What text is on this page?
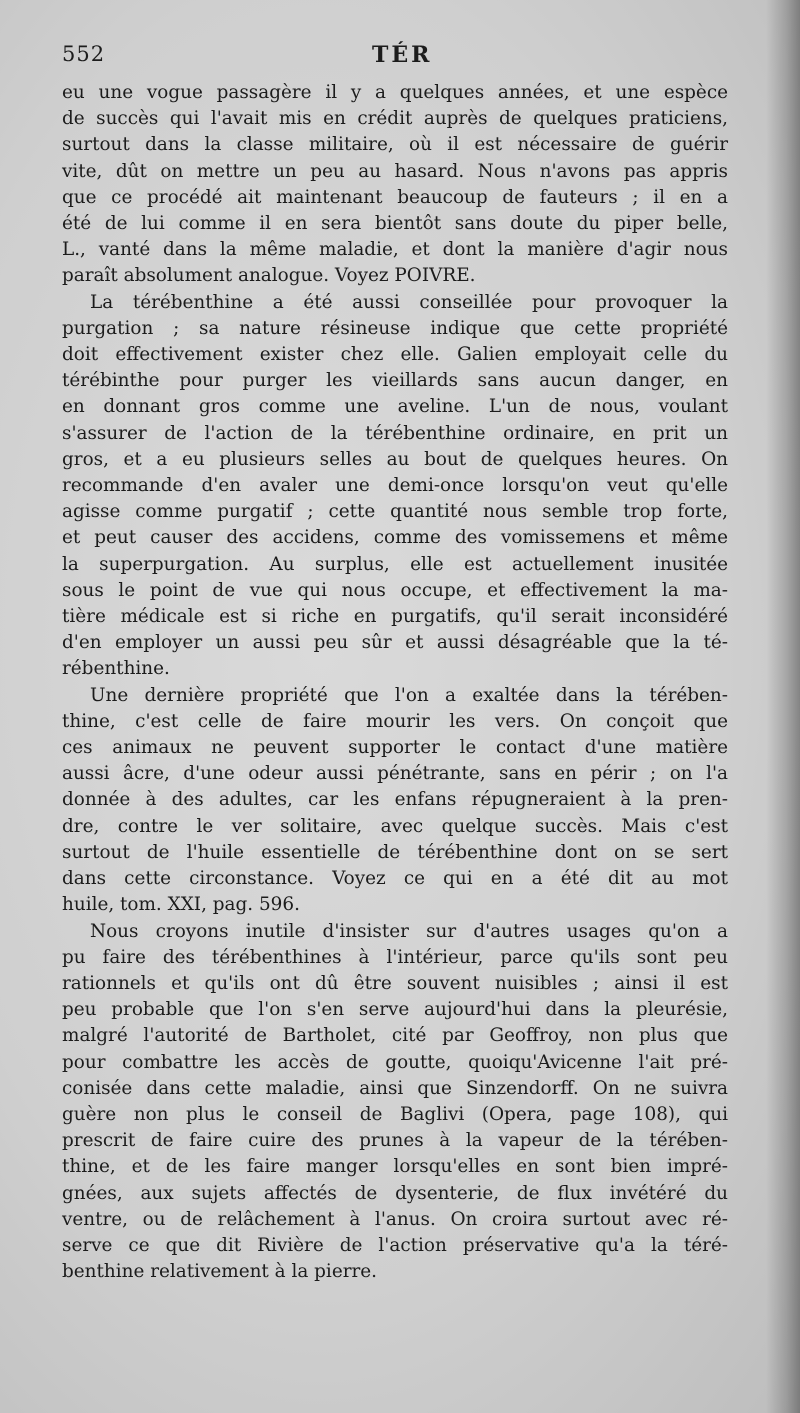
552	TÉR
eu une vogue passagère il y a quelques années, et une espèce
de succès qui l'avait mis en crédit auprès de quelques praticiens,
surtout dans la classe militaire, où il est nécessaire de guérir
vite, dût on mettre un peu au hasard. Nous n'avons pas appris
que ce procédé ait maintenant beaucoup de fauteurs ; il en a
été de lui comme il en sera bientôt sans doute du piper belle,
L., vanté dans la même maladie, et dont la manière d'agir nous
paraît absolument analogue. Voyez POIVRE.
La térébenthine a été aussi conseillée pour provoquer la
purgation ; sa nature résineuse indique que cette propriété
doit effectivement exister chez elle. Galien employait celle du
térébinthe pour purger les vieillards sans aucun danger, en
en donnant gros comme une aveline. L'un de nous, voulant
s'assurer de l'action de la térébenthine ordinaire, en prit un
gros, et a eu plusieurs selles au bout de quelques heures. On
recommande d'en avaler une demi-once lorsqu'on veut qu'elle
agisse comme purgatif ; cette quantité nous semble trop forte,
et peut causer des accidens, comme des vomissemens et même
la superpurgation. Au surplus, elle est actuellement inusitée
sous le point de vue qui nous occupe, et effectivement la ma-
tière médicale est si riche en purgatifs, qu'il serait inconsidéré
d'en employer un aussi peu sûr et aussi désagréable que la té-
rébenthine.
Une dernière propriété que l'on a exaltée dans la térében-
thine, c'est celle de faire mourir les vers. On conçoit que
ces animaux ne peuvent supporter le contact d'une matière
aussi âcre, d'une odeur aussi pénétrante, sans en périr ; on l'a
donnée à des adultes, car les enfans répugneraient à la pren-
dre, contre le ver solitaire, avec quelque succès. Mais c'est
surtout de l'huile essentielle de térébenthine dont on se sert
dans cette circonstance. Voyez ce qui en a été dit au mot
huile, tom. XXI, pag. 596.
Nous croyons inutile d'insister sur d'autres usages qu'on a
pu faire des térébenthines à l'intérieur, parce qu'ils sont peu
rationnels et qu'ils ont dû être souvent nuisibles ; ainsi il est
peu probable que l'on s'en serve aujourd'hui dans la pleurésie,
malgré l'autorité de Bartholet, cité par Geoffroy, non plus que
pour combattre les accès de goutte, quoiqu'Avicenne l'ait pré-
conisée dans cette maladie, ainsi que Sinzendorff. On ne suivra
guère non plus le conseil de Baglivi (Opera, page 108), qui
prescrit de faire cuire des prunes à la vapeur de la térében-
thine, et de les faire manger lorsqu'elles en sont bien impré-
gnées, aux sujets affectés de dysenterie, de flux invétéré du
ventre, ou de relâchement à l'anus. On croira surtout avec ré-
serve ce que dit Rivière de l'action préservative qu'a la téré-
benthine relativement à la pierre.
